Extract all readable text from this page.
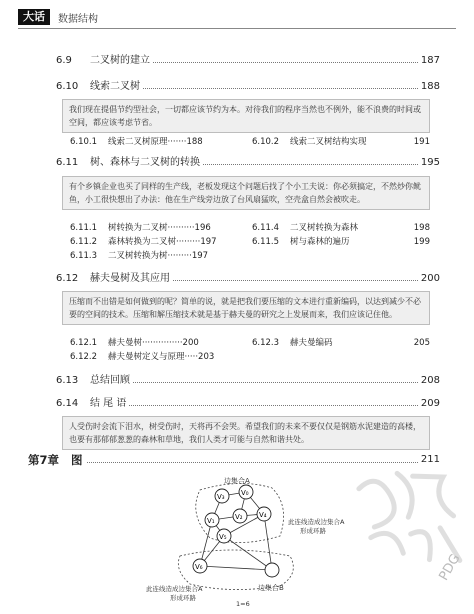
大话	数据结构
6.9 二叉树的建立	187
6.10 线索二叉树	188
我们现在提倡节约型社会，一切都应该节约为本。对待我们的程序当然也不例外，能不浪费的时间或空间，都应该考虑节省。
6.10.1 线索二叉树原理·······188	6.10.2 线索二叉树结构实现	191
6.11 树、森林与二叉树的转换	195
有个乡镇企业也买了同样的生产线，老板发现这个问题后找了个小工夫说：你必须搞定，不然炒你鱿鱼，小工很快想出了办法：他在生产线旁边放了台风扇猛吹，空壳盒自然会被吹走。
6.11.1 树转换为二叉树··········196	6.11.4 二叉树转换为森林	198
6.11.2 森林转换为二叉树·········197	6.11.5 树与森林的遍历	199
6.11.3 二叉树转换为树·········197
6.12 赫夫曼树及其应用	200
压缩而不出错是如何做到的呢？简单的说，就是把我们要压缩的文本进行重新编码，以达到减少不必要的空间的技术。压缩和解压缩技术就是基于赫夫曼的研究之上发展而来，我们应该记住他。
6.12.1 赫夫曼树···············200	6.12.3 赫夫曼编码	205
6.12.2 赫夫曼树定义与原理·····203
6.13 总结回顾	208
6.14 结 尾 语	209
人受伤时会流下泪水，树受伤时，天将再不会哭。希望我们的未来不要仅仅是钢筋水泥建造的高楼，也要有那郁郁葱葱的森林和草地，我们人类才可能与自然和谐共处。
第7章 图	211
边集合A
边集合B
此连线造成边集合A
形成环路
此连线造成边集合A
形成环路
1=6
V₀
V₁	V₂
V₃
V₄
V₅
V₆	PDG
